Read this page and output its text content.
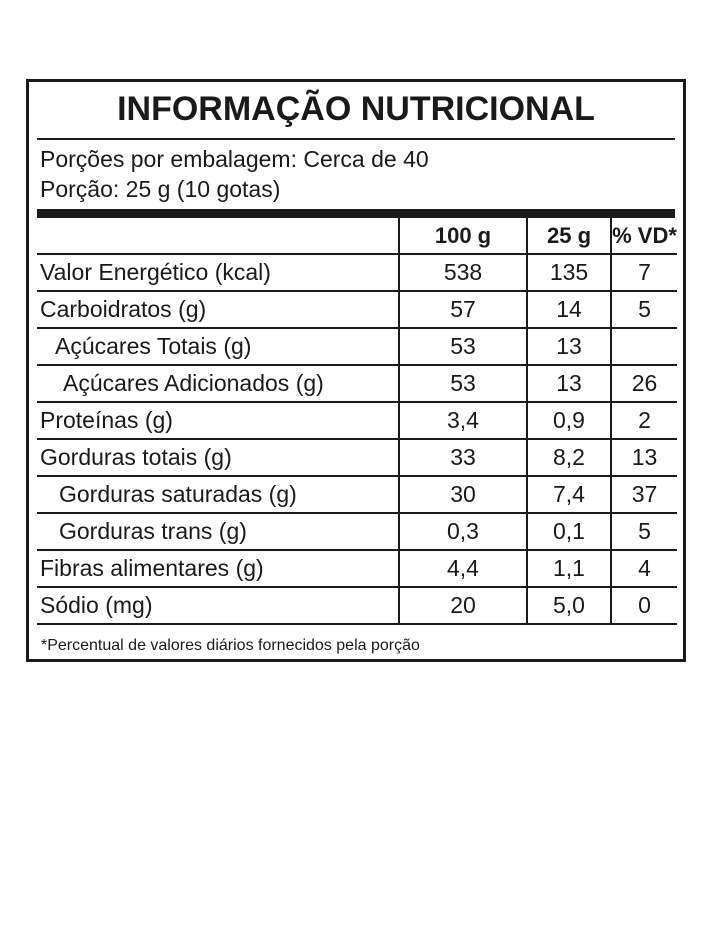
INFORMAÇÃO NUTRICIONAL
Porções por embalagem: Cerca de 40
Porção: 25 g (10 gotas)
	100 g	25 g	% VD*
Valor Energético (kcal)	538	135	7
Carboidratos (g)	57	14	5
Açúcares Totais (g)	53	13	
Açúcares Adicionados (g)	53	13	26
Proteínas (g)	3,4	0,9	2
Gorduras totais (g)	33	8,2	13
Gorduras saturadas (g)	30	7,4	37
Gorduras trans (g)	0,3	0,1	5
Fibras alimentares (g)	4,4	1,1	4
Sódio (mg)	20	5,0	0
*Percentual de valores diários fornecidos pela porção
